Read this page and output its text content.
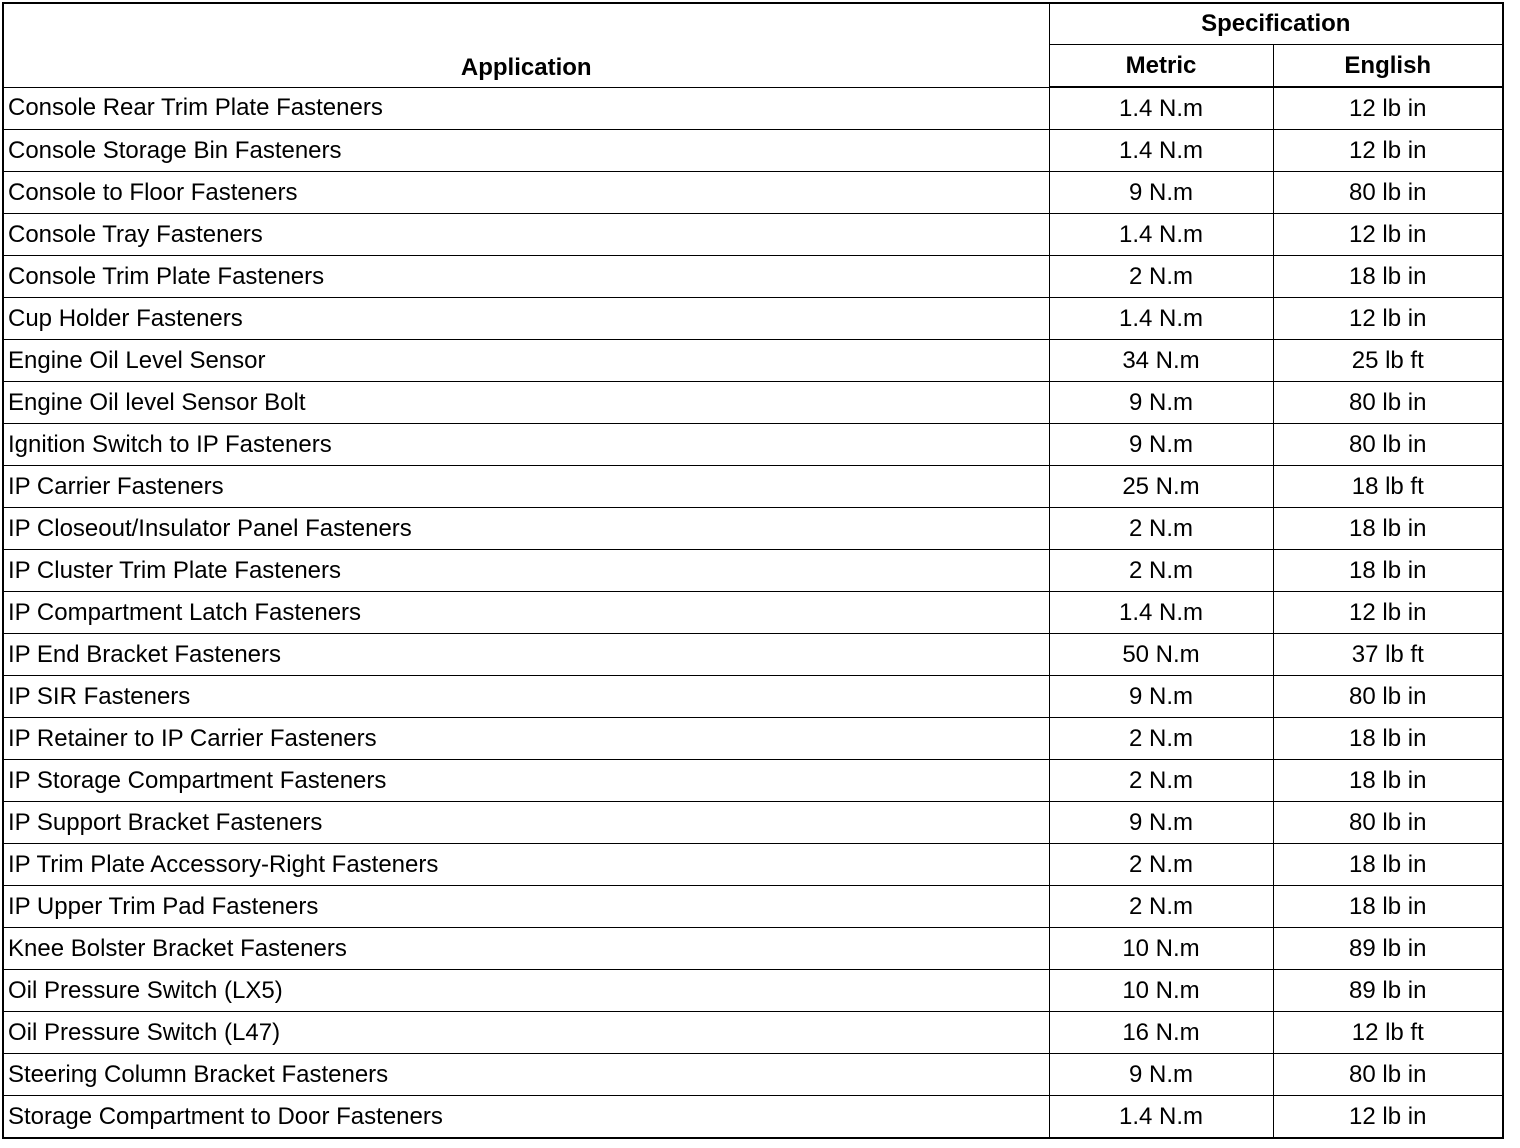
Application	Specification	
	Metric	English
Console Rear Trim Plate Fasteners	1.4 N.m	12 lb in
Console Storage Bin Fasteners	1.4 N.m	12 lb in
Console to Floor Fasteners	9 N.m	80 lb in
Console Tray Fasteners	1.4 N.m	12 lb in
Console Trim Plate Fasteners	2 N.m	18 lb in
Cup Holder Fasteners	1.4 N.m	12 lb in
Engine Oil Level Sensor	34 N.m	25 lb ft
Engine Oil level Sensor Bolt	9 N.m	80 lb in
Ignition Switch to IP Fasteners	9 N.m	80 lb in
IP Carrier Fasteners	25 N.m	18 lb ft
IP Closeout/Insulator Panel Fasteners	2 N.m	18 lb in
IP Cluster Trim Plate Fasteners	2 N.m	18 lb in
IP Compartment Latch Fasteners	1.4 N.m	12 lb in
IP End Bracket Fasteners	50 N.m	37 lb ft
IP SIR Fasteners	9 N.m	80 lb in
IP Retainer to IP Carrier Fasteners	2 N.m	18 lb in
IP Storage Compartment Fasteners	2 N.m	18 lb in
IP Support Bracket Fasteners	9 N.m	80 lb in
IP Trim Plate Accessory-Right Fasteners	2 N.m	18 lb in
IP Upper Trim Pad Fasteners	2 N.m	18 lb in
Knee Bolster Bracket Fasteners	10 N.m	89 lb in
Oil Pressure Switch (LX5)	10 N.m	89 lb in
Oil Pressure Switch (L47)	16 N.m	12 lb ft
Steering Column Bracket Fasteners	9 N.m	80 lb in
Storage Compartment to Door Fasteners	1.4 N.m	12 lb in
